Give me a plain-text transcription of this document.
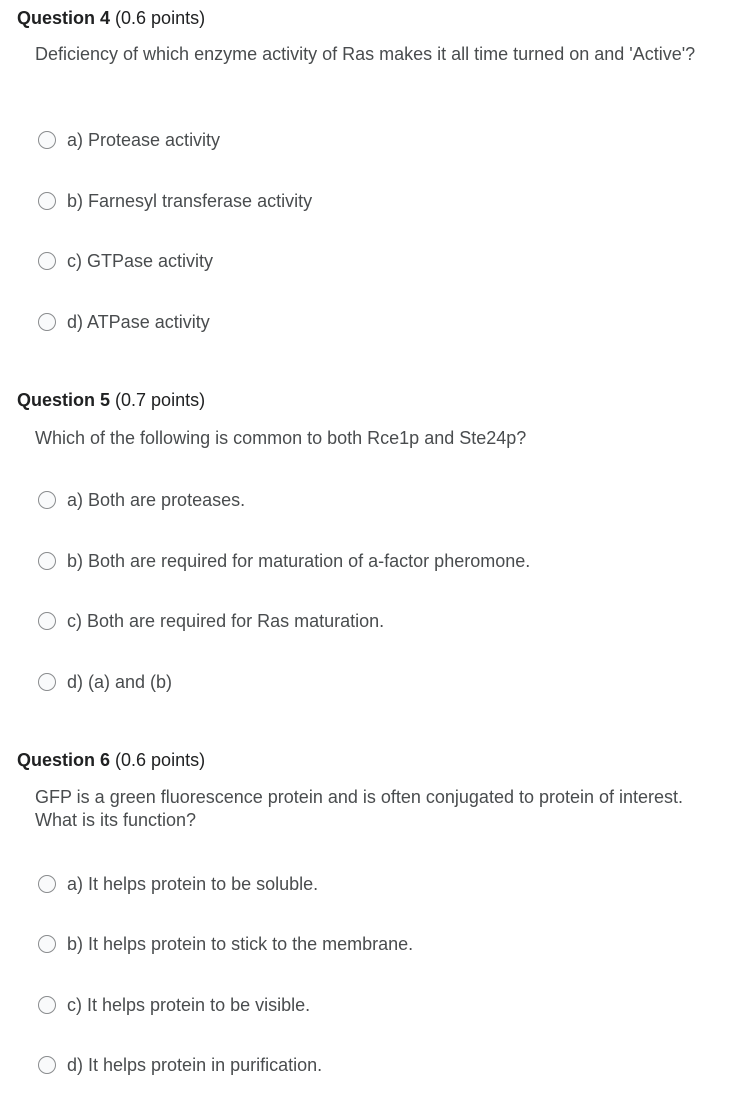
Question 4 (0.6 points)
Deficiency of which enzyme activity of Ras makes it all time turned on and 'Active'?
a) Protease activity
b) Farnesyl transferase activity
c) GTPase activity
d) ATPase activity
Question 5 (0.7 points)
Which of the following is common to both Rce1p and Ste24p?
a) Both are proteases.
b) Both are required for maturation of a-factor pheromone.
c) Both are required for Ras maturation.
d) (a) and (b)
Question 6 (0.6 points)
GFP is a green fluorescence protein and is often conjugated to protein of interest. What is its function?
a) It helps protein to be soluble.
b) It helps protein to stick to the membrane.
c) It helps protein to be visible.
d) It helps protein in purification.
